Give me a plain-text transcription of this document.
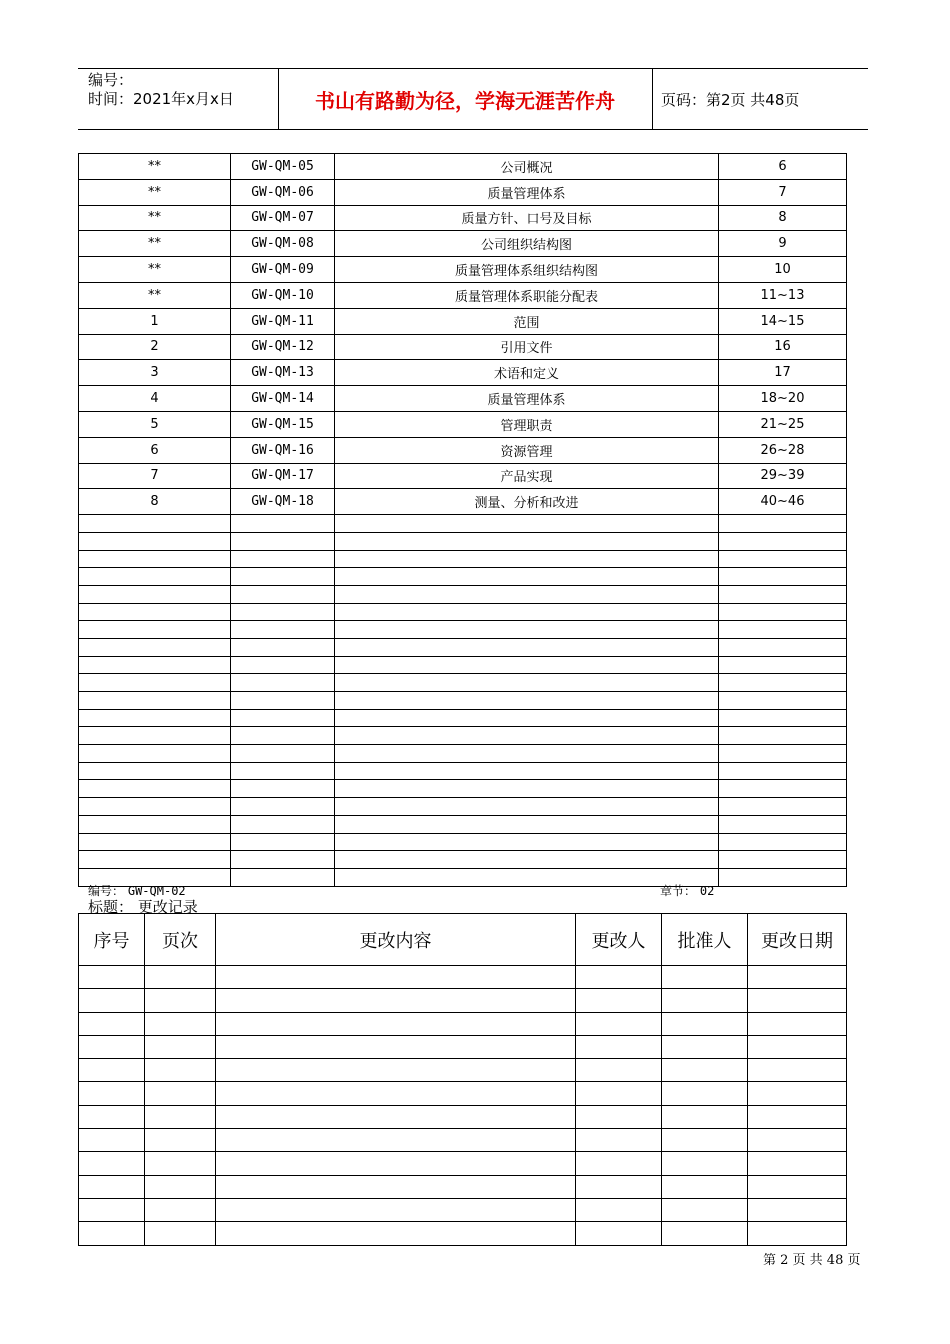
编号：
时间：2021年x月x日	书山有路勤为径，学海无涯苦作舟	页码：第2页 共48页
**	GW-QM-05	公司概况	6
**	GW-QM-06	质量管理体系	7
**	GW-QM-07	质量方针、口号及目标	8
**	GW-QM-08	公司组织结构图	9
**	GW-QM-09	质量管理体系组织结构图	10
**	GW-QM-10	质量管理体系职能分配表	11~13
1	GW-QM-11	范围	14~15
2	GW-QM-12	引用文件	16
3	GW-QM-13	术语和定义	17
4	GW-QM-14	质量管理体系	18~20
5	GW-QM-15	管理职责	21~25
6	GW-QM-16	资源管理	26~28
7	GW-QM-17	产品实现	29~39
8	GW-QM-18	测量、分析和改进	40~46

编号： GW-QM-02	章节： 02
标题： 更改记录
序号	页次	更改内容	更改人	批准人	更改日期

第 2 页 共 48 页
